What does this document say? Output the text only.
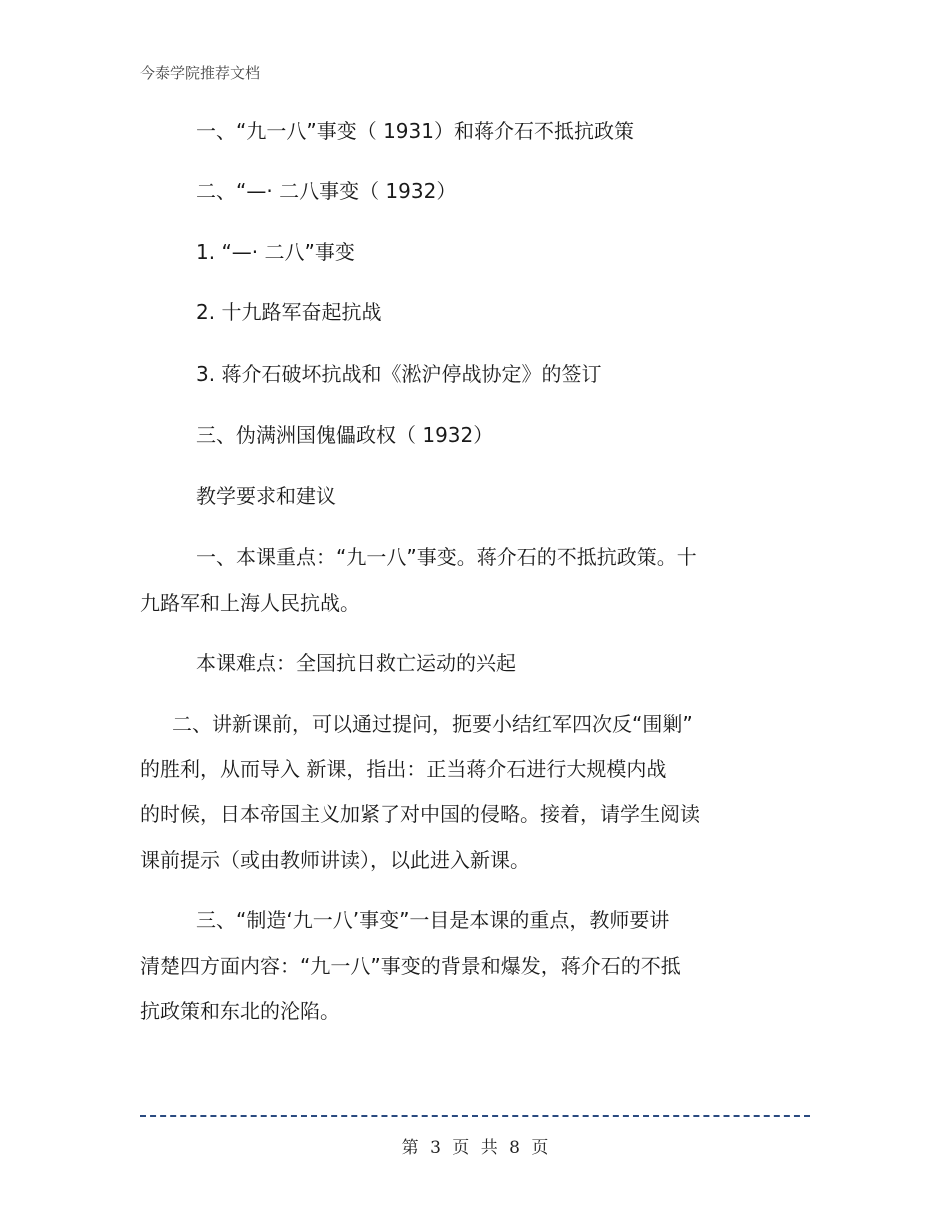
今泰学院推荐文档
一、“九一八”事变（ 1931）和蒋介石不抵抗政策
二、“—· 二八事变（ 1932）
1. “—· 二八”事变
2. 十九路军奋起抗战
3. 蒋介石破坏抗战和《淞沪停战协定》的签订
三、伪满洲国傀儡政权（ 1932）
教学要求和建议
一、本课重点：“九一八”事变。蒋介石的不抵抗政策。十
九路军和上海人民抗战。
本课难点：全国抗日救亡运动的兴起
二、讲新课前，可以通过提问，扼要小结红军四次反“围剿”
的胜利，从而导入 新课，指出：正当蒋介石进行大规模内战
的时候，日本帝国主义加紧了对中国的侵略。接着，请学生阅读
课前提示（或由教师讲读），以此进入新课。
三、“制造‘九一八’事变”一目是本课的重点，教师要讲
清楚四方面内容：“九一八”事变的背景和爆发，蒋介石的不抵
抗政策和东北的沦陷。
第 3 页 共 8 页
